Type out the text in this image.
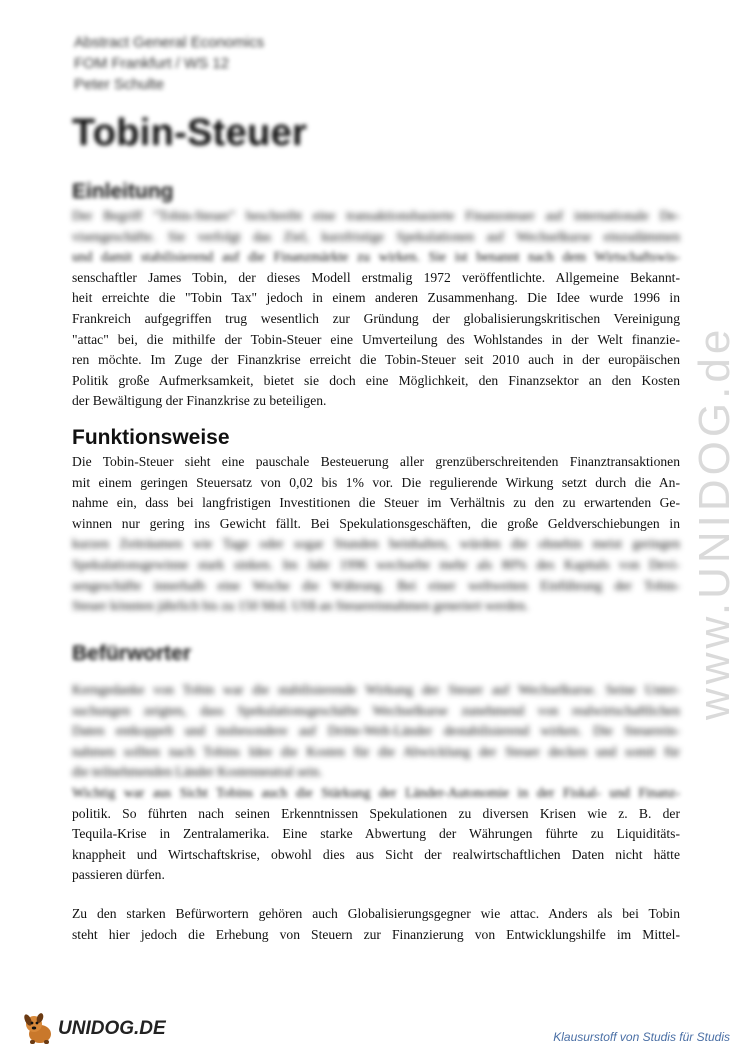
Abstract General Economics
FOM Frankfurt / WS 12
Peter Schulte
Tobin-Steuer
www.UNIDOG.de
Einleitung
Der Begriff "Tobin-Steuer" beschreibt eine transaktionsbasierte Finanzsteuer auf internationale De-
visengeschäfte. Sie verfolgt das Ziel, kurzfristige Spekulationen auf Wechselkurse einzudämmen
und damit stabilisierend auf die Finanzmärkte zu wirken. Sie ist benannt nach dem Wirtschaftswis-
senschaftler James Tobin, der dieses Modell erstmalig 1972 veröffentlichte. Allgemeine Bekannt-
heit erreichte die "Tobin Tax" jedoch in einem anderen Zusammenhang. Die Idee wurde 1996 in
Frankreich aufgegriffen trug wesentlich zur Gründung der globalisierungskritischen Vereinigung
"attac" bei, die mithilfe der Tobin-Steuer eine Umverteilung des Wohlstandes in der Welt finanzie-
ren möchte. Im Zuge der Finanzkrise erreicht die Tobin-Steuer seit 2010 auch in der europäischen
Politik große Aufmerksamkeit, bietet sie doch eine Möglichkeit, den Finanzsektor an den Kosten
der Bewältigung der Finanzkrise zu beteiligen.
Funktionsweise
Die Tobin-Steuer sieht eine pauschale Besteuerung aller grenzüberschreitenden Finanztransaktionen
mit einem geringen Steuersatz von 0,02 bis 1% vor. Die regulierende Wirkung setzt durch die An-
nahme ein, dass bei langfristigen Investitionen die Steuer im Verhältnis zu den zu erwartenden Ge-
winnen nur gering ins Gewicht fällt. Bei Spekulationsgeschäften, die große Geldverschiebungen in
kurzen Zeiträumen wie Tage oder sogar Stunden beinhalten, würden die ohnehin meist geringen
Spekulationsgewinne stark sinken. Im Jahr 1996 wechselte mehr als 80% des Kapitals von Devi-
sengeschäfte innerhalb eine Woche die Währung. Bei einer weltweiten Einführung der Tobin-
Steuer könnten jährlich bis zu 150 Mrd. US$ an Steuereinnahmen generiert werden.
Befürworter
Kerngedanke von Tobin war die stabilisierende Wirkung der Steuer auf Wechselkurse. Seine Unter-
suchungen zeigten, dass Spekulationsgeschäfte Wechselkurse zunehmend von realwirtschaftlichen
Daten entkoppelt und insbesondere auf Dritte-Welt-Länder destabilisierend wirken. Die Steuerein-
nahmen sollten nach Tobins Idee die Kosten für die Abwicklung der Steuer decken und somit für
die teilnehmenden Länder Kostenneutral sein.
Wichtig war aus Sicht Tobins auch die Stärkung der Länder-Autonomie in der Fiskal- und Finanz-
politik. So führten nach seinen Erkenntnissen Spekulationen zu diversen Krisen wie z. B. der
Tequila-Krise in Zentralamerika. Eine starke Abwertung der Währungen führte zu Liquiditäts-
knappheit und Wirtschaftskrise, obwohl dies aus Sicht der realwirtschaftlichen Daten nicht hätte
passieren dürfen.
Zu den starken Befürwortern gehören auch Globalisierungsgegner wie attac. Anders als bei Tobin
steht hier jedoch die Erhebung von Steuern zur Finanzierung von Entwicklungshilfe im Mittel-
UNIDOG.DE	Klausurstoff von Studis für Studis
